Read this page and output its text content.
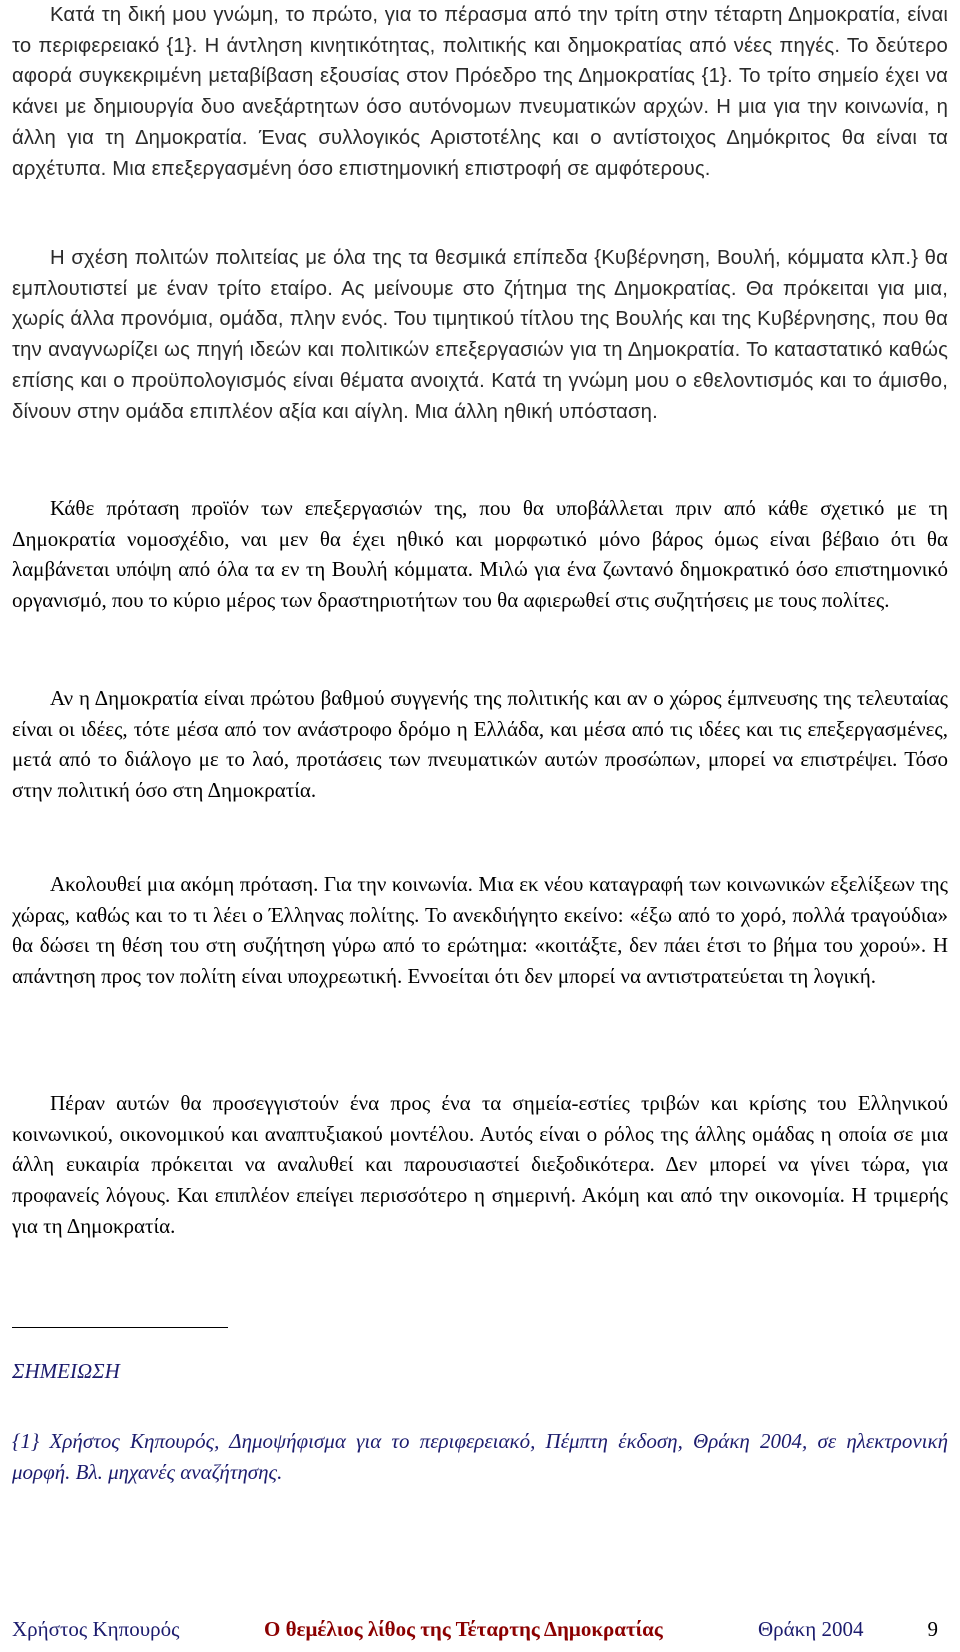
Κατά τη δική μου γνώμη, το πρώτο, για το πέρασμα από την τρίτη στην τέταρτη Δημοκρατία, είναι το περιφερειακό {1}. Η άντληση κινητικότητας, πολιτικής και δημοκρατίας από νέες πηγές. Το δεύτερο αφορά συγκεκριμένη μεταβίβαση εξουσίας στον Πρόεδρο της Δημοκρατίας {1}. Το τρίτο σημείο έχει να κάνει με δημιουργία δυο ανεξάρτητων όσο αυτόνομων πνευματικών αρχών. Η μια για την κοινωνία, η άλλη για τη Δημοκρατία. Ένας συλλογικός Αριστοτέλης και ο αντίστοιχος Δημόκριτος θα είναι τα αρχέτυπα. Μια επεξεργασμένη όσο επιστημονική επιστροφή σε αμφότερους.

Η σχέση πολιτών πολιτείας με όλα της τα θεσμικά επίπεδα {Κυβέρνηση, Βουλή, κόμματα κλπ.} θα εμπλουτιστεί με έναν τρίτο εταίρο. Ας μείνουμε στο ζήτημα της Δημοκρατίας. Θα πρόκειται για μια, χωρίς άλλα προνόμια, ομάδα, πλην ενός. Του τιμητικού τίτλου της Βουλής και της Κυβέρνησης, που θα την αναγνωρίζει ως πηγή ιδεών και πολιτικών επεξεργασιών για τη Δημοκρατία. Το καταστατικό καθώς επίσης και ο προϋπολογισμός είναι θέματα ανοιχτά. Κατά τη γνώμη μου ο εθελοντισμός και το άμισθο, δίνουν στην ομάδα επιπλέον αξία και αίγλη. Μια άλλη ηθική υπόσταση.

Κάθε πρόταση προϊόν των επεξεργασιών της, που θα υποβάλλεται πριν από κάθε σχετικό με τη Δημοκρατία νομοσχέδιο, ναι μεν θα έχει ηθικό και μορφωτικό μόνο βάρος όμως είναι βέβαιο ότι θα λαμβάνεται υπόψη από όλα τα εν τη Βουλή κόμματα. Μιλώ για ένα ζωντανό δημοκρατικό όσο επιστημονικό οργανισμό, που το κύριο μέρος των δραστηριοτήτων του θα αφιερωθεί στις συζητήσεις με τους πολίτες.

Αν η Δημοκρατία είναι πρώτου βαθμού συγγενής της πολιτικής και αν ο χώρος έμπνευσης της τελευταίας είναι οι ιδέες, τότε μέσα από τον ανάστροφο δρόμο η Ελλάδα, και μέσα από τις ιδέες και τις επεξεργασμένες, μετά από το διάλογο με το λαό, προτάσεις των πνευματικών αυτών προσώπων, μπορεί να επιστρέψει. Τόσο στην πολιτική όσο στη Δημοκρατία.

Ακολουθεί μια ακόμη πρόταση. Για την κοινωνία. Μια εκ νέου καταγραφή των κοινωνικών εξελίξεων της χώρας, καθώς και το τι λέει ο Έλληνας πολίτης. Το ανεκδιήγητο εκείνο: «έξω από το χορό, πολλά τραγούδια» θα δώσει τη θέση του στη συζήτηση γύρω από το ερώτημα: «κοιτάξτε, δεν πάει έτσι το βήμα του χορού». Η απάντηση προς τον πολίτη είναι υποχρεωτική. Εννοείται ότι δεν μπορεί να αντιστρατεύεται τη λογική.

Πέραν αυτών θα προσεγγιστούν ένα προς ένα τα σημεία-εστίες τριβών και κρίσης του Ελληνικού κοινωνικού, οικονομικού και αναπτυξιακού μοντέλου. Αυτός είναι ο ρόλος της άλλης ομάδας η οποία σε μια άλλη ευκαιρία πρόκειται να αναλυθεί και παρουσιαστεί διεξοδικότερα. Δεν μπορεί να γίνει τώρα, για προφανείς λόγους. Και επιπλέον επείγει περισσότερο η σημερινή. Ακόμη και από την οικονομία. Η τριμερής για τη Δημοκρατία.

ΣΗΜΕΙΩΣΗ

{1} Χρήστος Κηπουρός, Δημοψήφισμα για το περιφερειακό, Πέμπτη έκδοση, Θράκη 2004, σε ηλεκτρονική μορφή. Βλ. μηχανές αναζήτησης.

Χρήστος Κηπουρός	Ο θεμέλιος λίθος της Τέταρτης Δημοκρατίας	Θράκη 2004	9
